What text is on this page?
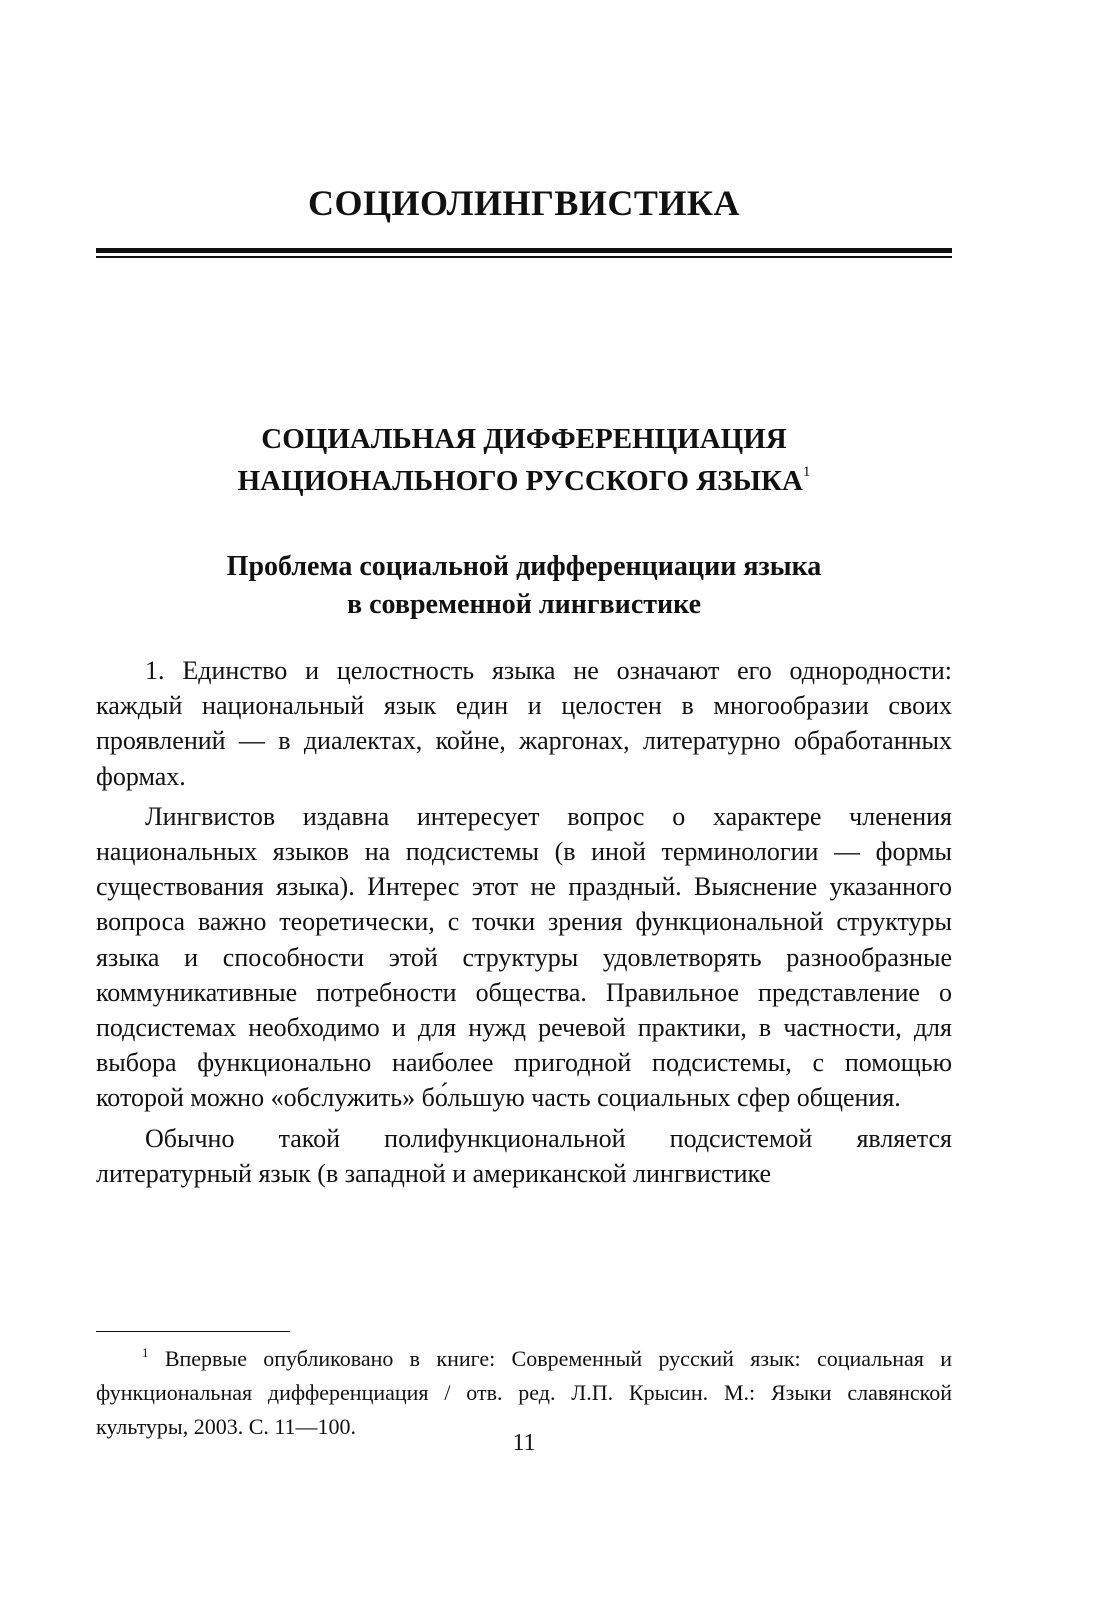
СОЦИОЛИНГВИСТИКА
СОЦИАЛЬНАЯ ДИФФЕРЕНЦИАЦИЯ
НАЦИОНАЛЬНОГО РУССКОГО ЯЗЫКА$^1$
Проблема социальной дифференциации языка
в современной лингвистике

1. Единство и целостность языка не означают его однородности: каждый национальный язык един и целостен в многообразии своих проявлений — в диалектах, койне, жаргонах, литературно обработанных формах.

Лингвистов издавна интересует вопрос о характере членения национальных языков на подсистемы (в иной терминологии — формы существования языка). Интерес этот не праздный. Выяснение указанного вопроса важно теоретически, с точки зрения функциональной структуры языка и способности этой структуры удовлетворять разнообразные коммуникативные потребности общества. Правильное представление о подсистемах необходимо и для нужд речевой практики, в частности, для выбора функционально наиболее пригодной подсистемы, с помощью которой можно «обслужить» бо́льшую часть социальных сфер общения.

Обычно такой полифункциональной подсистемой является литературный язык (в западной и американской лингвистике

$^1$ Впервые опубликовано в книге: Современный русский язык: социальная и функциональная дифференциация / отв. ред. Л.П. Крысин. М.: Языки славянской культуры, 2003. С. 11—100.

11
